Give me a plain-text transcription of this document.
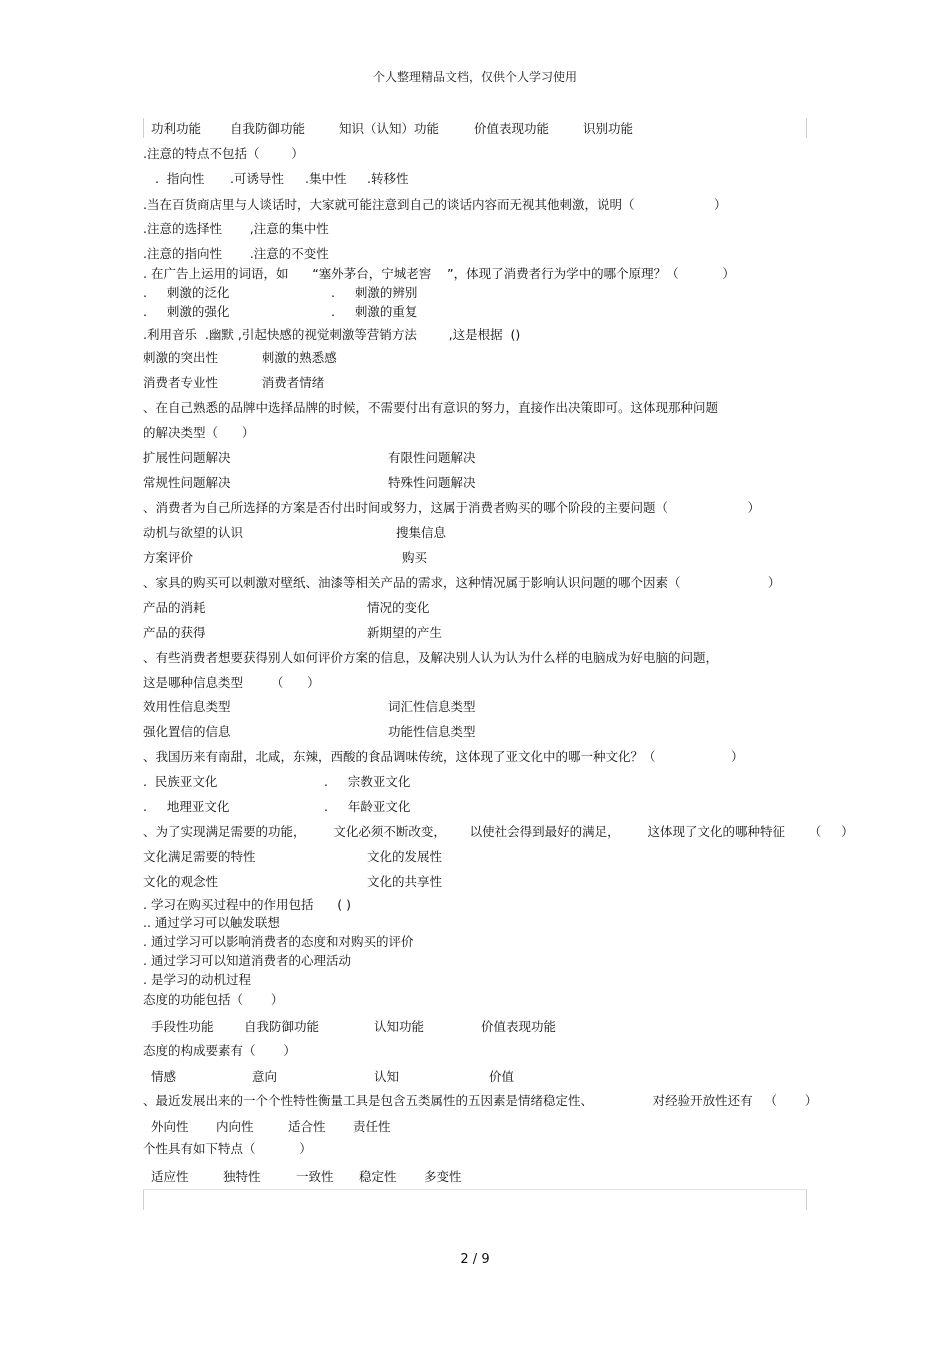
个人整理精品文档，仅供个人学习使用
功利功能 自我防御功能	知识（认知）功能	价值表现功能	识别功能
.注意的特点不包括（        ）
.  指向性 .可诱导性 .集中性 .转移性
.当在百货商店里与人谈话时，大家就可能注意到自己的谈话内容而无视其他刺激，说明（                    ）
.注意的选择性       ,注意的集中性
.注意的指向性       .注意的不变性
. 在广告上运用的词语，如      “塞外茅台，宁城老窖    ”，体现了消费者行为学中的哪个原理？（           ）
.     刺激的泛化	.     刺激的辨别
.     刺激的强化	.     刺激的重复
.利用音乐  .幽默 ,引起快感的视觉刺激等营销方法        ,这是根据  ()
刺激的突出性           刺激的熟悉感
消费者专业性           消费者情绪
、在自己熟悉的品牌中选择品牌的时候，不需要付出有意识的努力，直接作出决策即可。这体现那种问题
的解决类型（      ）
扩展性问题解决	有限性问题解决
常规性问题解决	特殊性问题解决
、消费者为自己所选择的方案是否付出时间或努力，这属于消费者购买的哪个阶段的主要问题（                    ）
动机与欲望的认识	搜集信息
方案评价	购买
、家具的购买可以刺激对壁纸、油漆等相关产品的需求，这种情况属于影响认识问题的哪个因素（                      ）
产品的消耗	情况的变化
产品的获得	新期望的产生
、有些消费者想要获得别人如何评价方案的信息，及解决别人认为认为什么样的电脑成为好电脑的问题，
这是哪种信息类型       （      ）
效用性信息类型	词汇性信息类型
强化置信的信息	功能性信息类型
、我国历来有南甜，北咸，东辣，西酸的食品调味传统，这体现了亚文化中的哪一种文化？（                   ）
.  民族亚文化	.     宗教亚文化
.     地理亚文化	.     年龄亚文化
、为了实现满足需要的功能，       文化必须不断改变，      以使社会得到最好的满足，       这体现了文化的哪种特征      （     ）
文化满足需要的特性	文化的发展性
文化的观念性	文化的共享性
. 学习在购买过程中的作用包括      ( )
.. 通过学习可以触发联想
. 通过学习可以影响消费者的态度和对购买的评价
. 通过学习可以知道消费者的心理活动
. 是学习的动机过程
态度的功能包括（       ）
手段性功能 自我防御功能	认知功能	价值表现功能
态度的构成要素有（       ）
情感	意向	认知	价值
、最近发展出来的一个个性特性衡量工具是包含五类属性的五因素是情绪稳定性、               对经验开放性还有   （       ）
外向性 内向性	适合性 责任性
个性具有如下特点（           ）
适应性	独特性	一致性 稳定性 多变性
2 / 9
